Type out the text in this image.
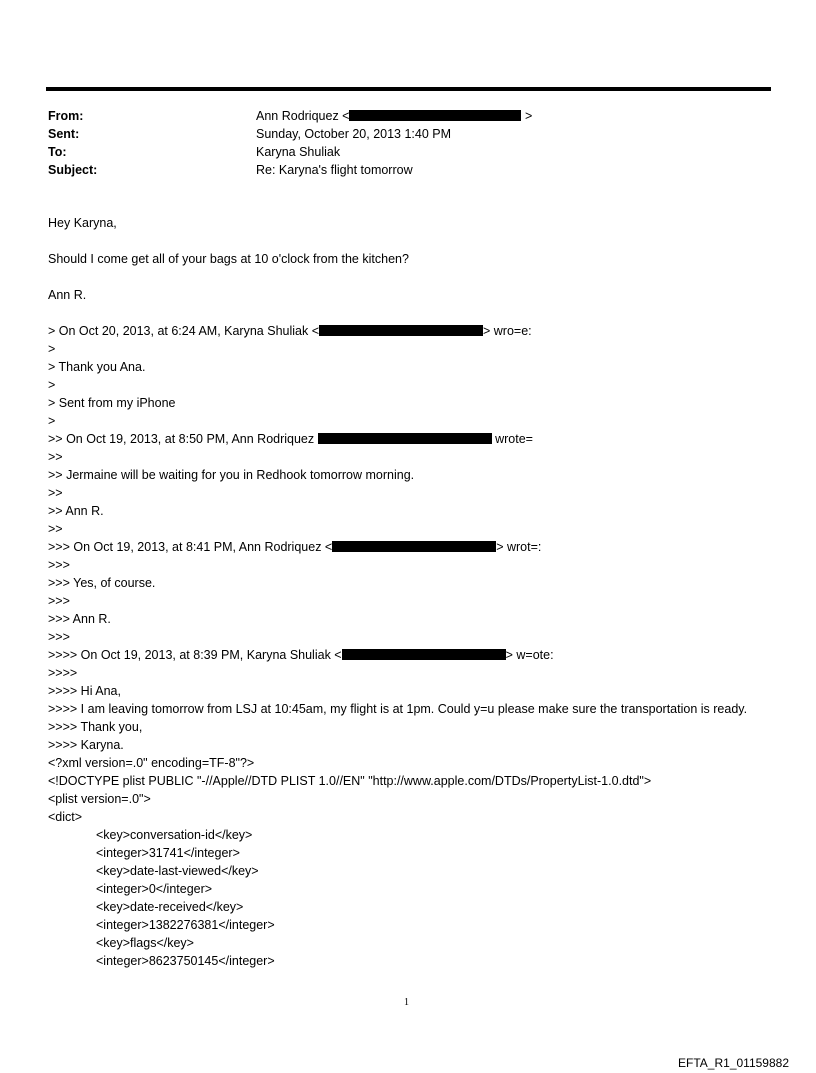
From:	Ann Rodriquez <	>
Sent:	Sunday, October 20, 2013 1:40 PM
To:	Karyna Shuliak
Subject:	Re: Karyna's flight tomorrow
Hey Karyna,
Should I come get all of your bags at 10 o'clock from the kitchen?
Ann R.
> On Oct 20, 2013, at 6:24 AM, Karyna Shuliak <	> wro=e:
>
> Thank you Ana.
>
> Sent from my iPhone
>
>> On Oct 19, 2013, at 8:50 PM, Ann Rodriquez	wrote=
>>
>> Jermaine will be waiting for you in Redhook tomorrow morning.
>>
>> Ann R.
>>
>>> On Oct 19, 2013, at 8:41 PM, Ann Rodriquez <	> wrot=:
>>>
>>> Yes, of course.
>>>
>>> Ann R.
>>>
>>>> On Oct 19, 2013, at 8:39 PM, Karyna Shuliak <	> w=ote:
>>>>
>>>> Hi Ana,
>>>> I am leaving tomorrow from LSJ at 10:45am, my flight is at 1pm. Could y=u please make sure the transportation is ready.
>>>> Thank you,
>>>> Karyna.
<?xml version=.0" encoding=TF-8"?>
<!DOCTYPE plist PUBLIC "-//Apple//DTD PLIST 1.0//EN" "http://www.apple.com/DTDs/PropertyList-1.0.dtd">
<plist version=.0">
<dict>
<key>conversation-id</key>
<integer>31741</integer>
<key>date-last-viewed</key>
<integer>0</integer>
<key>date-received</key>
<integer>1382276381</integer>
<key>flags</key>
<integer>8623750145</integer>
1
EFTA_R1_01159882
